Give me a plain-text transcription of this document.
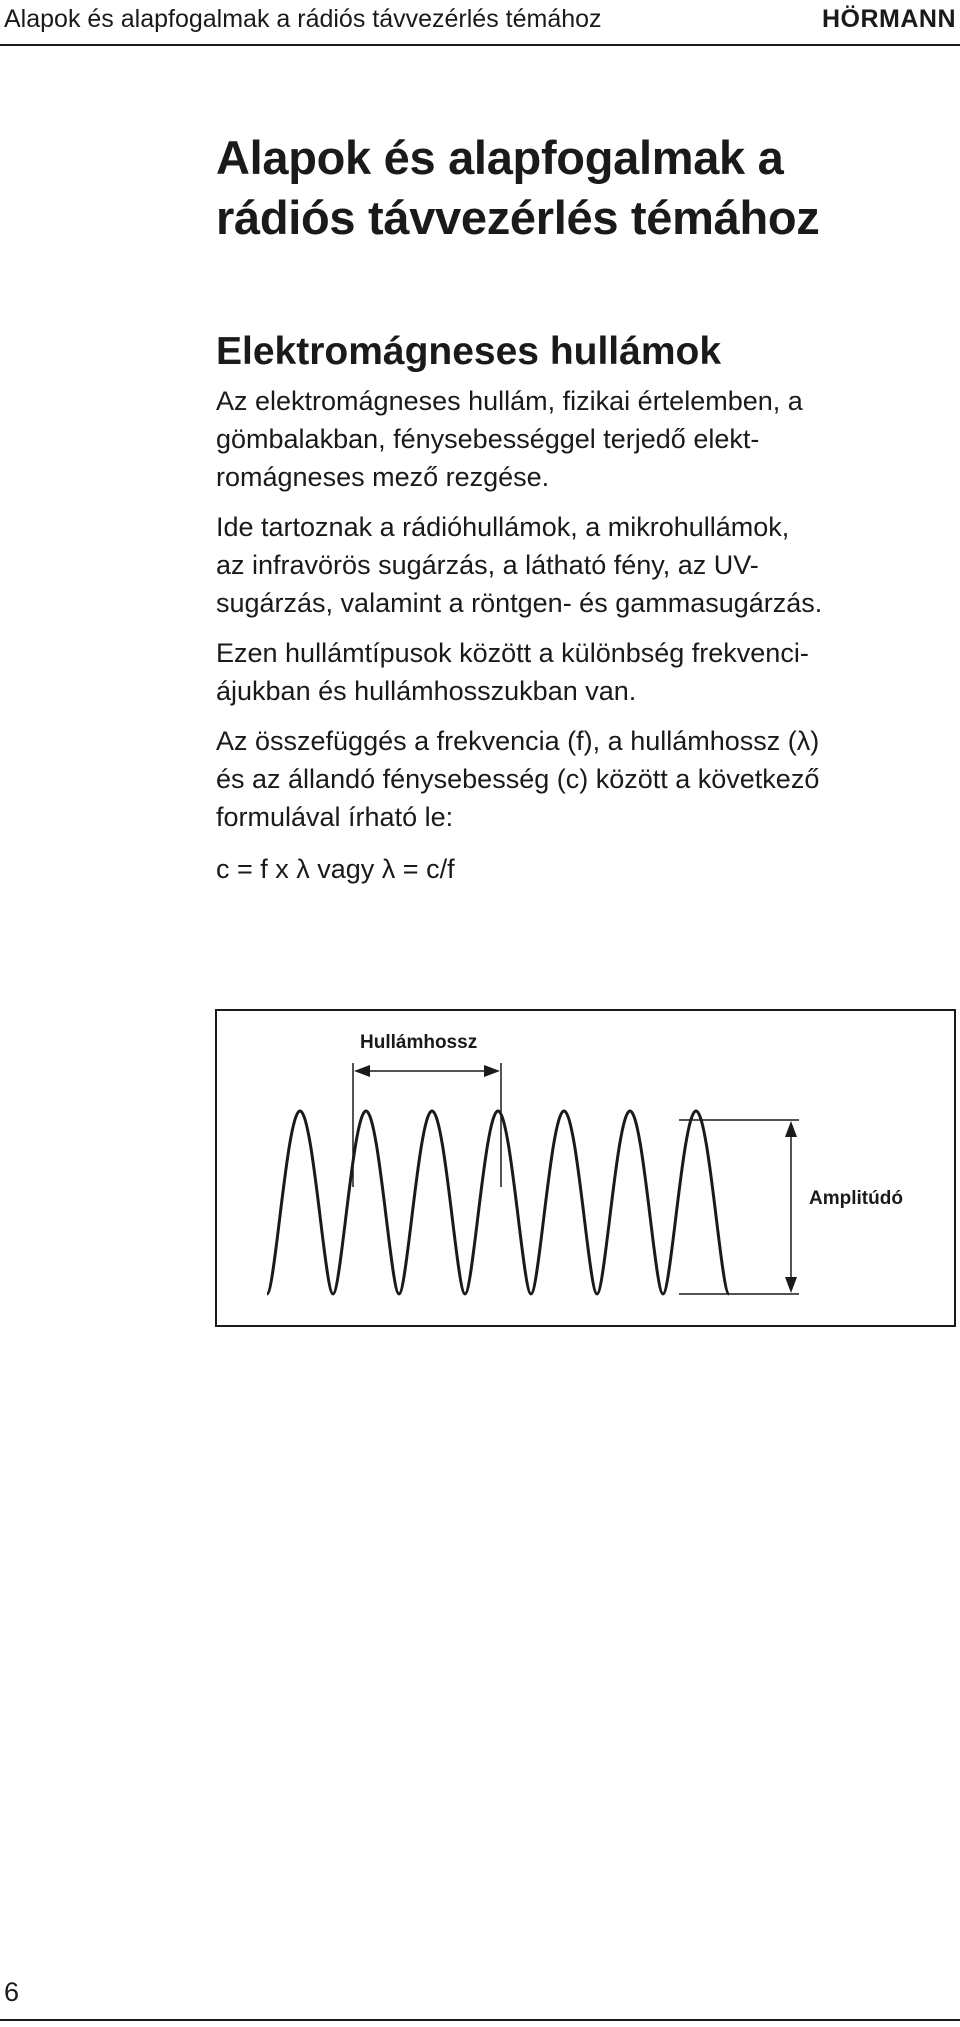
Alapok és alapfogalmak a rádiós távvezérlés témához	HÖRMANN
Alapok és alapfogalmak a
rádiós távvezérlés témához
Elektromágneses hullámok

Az elektromágneses hullám, fizikai értelemben, a
gömbalakban, fénysebességgel terjedő elekt-
romágneses mező rezgése.

Ide tartoznak a rádióhullámok, a mikrohullámok,
az infravörös sugárzás, a látható fény, az UV-
sugárzás, valamint a röntgen- és gammasugárzás.

Ezen hullámtípusok között a különbség frekvenci-
ájukban és hullámhosszukban van.

Az összefüggés a frekvencia (f), a hullámhossz (λ)
és az állandó fénysebesség (c) között a következő
formulával írható le:

c = f x λ vagy λ = c/f

Hullámhossz
Amplitúdó
6
